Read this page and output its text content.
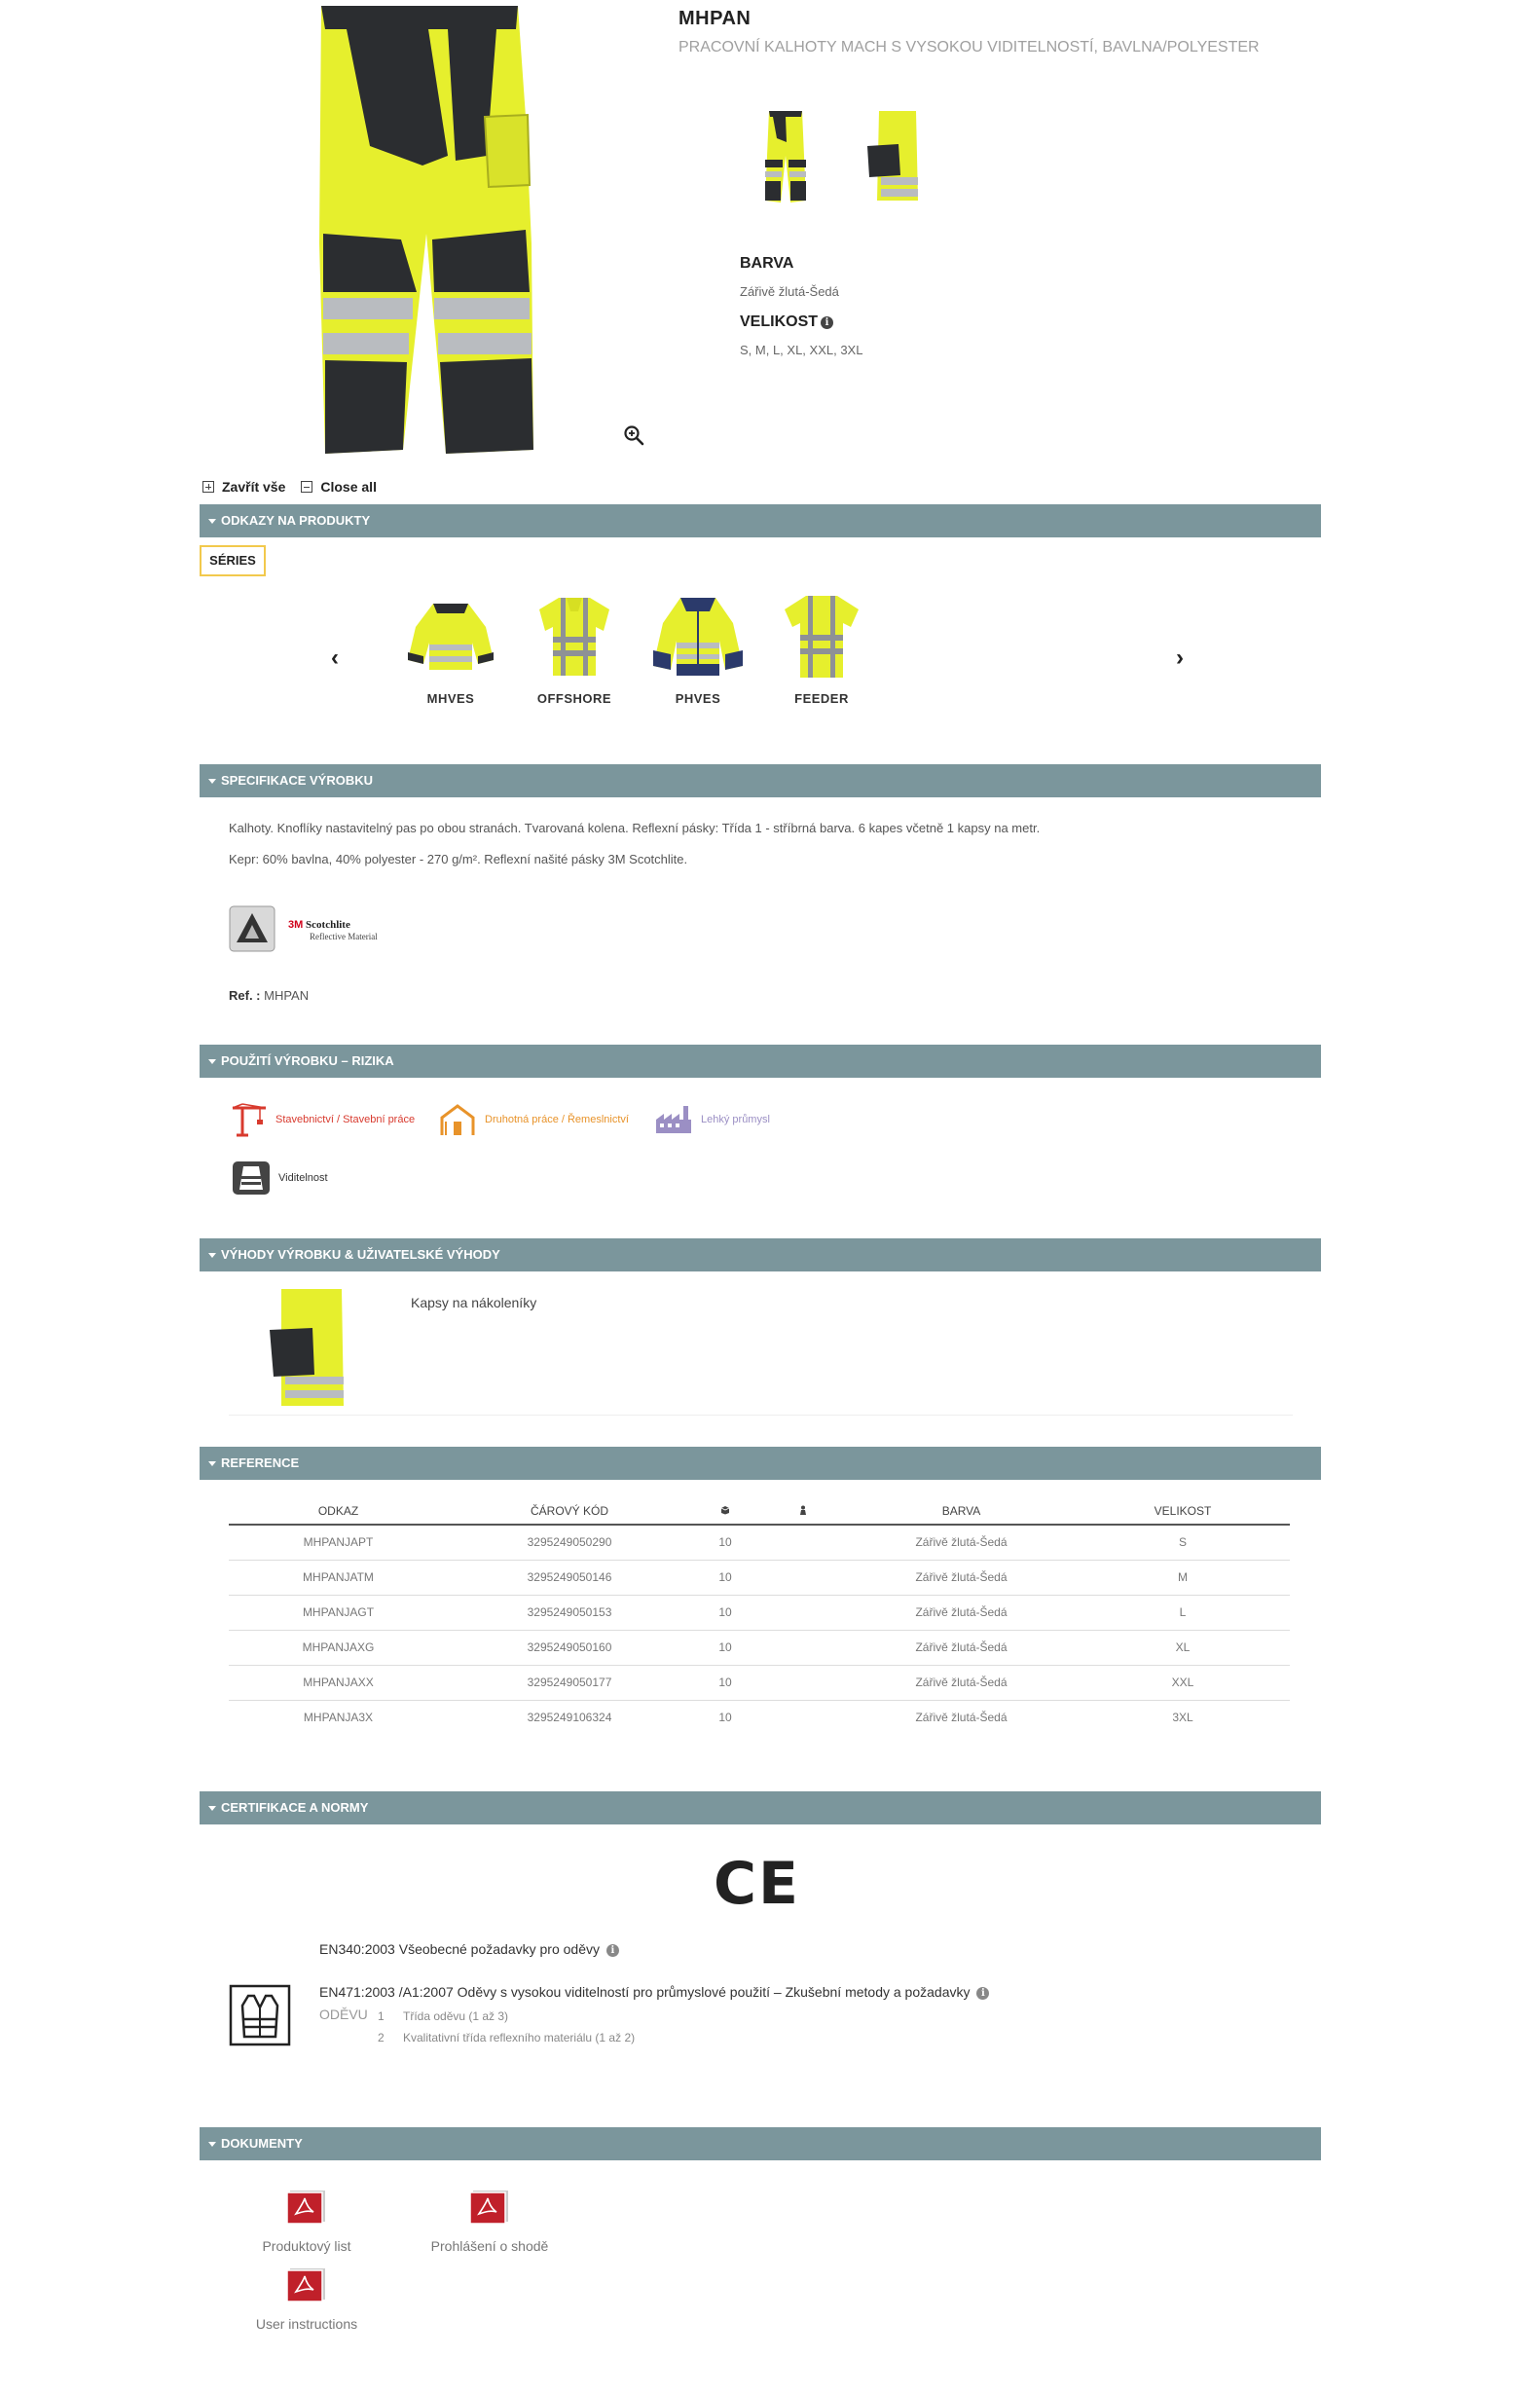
MHPAN
PRACOVNÍ KALHOTY MACH S VYSOKOU VIDITELNOSTÍ, BAVLNA/POLYESTER
BARVA
Zářivě žlutá-Šedá
VELIKOST i
S, M, L, XL, XXL, 3XL
Zavřít vše	Close all
ODKAZY NA PRODUKTY
SÉRIES
‹	›
MHVES	OFFSHORE	PHVES	FEEDER
SPECIFIKACE VÝROBKU
Kalhoty. Knoflíky nastavitelný pas po obou stranách. Tvarovaná kolena. Reflexní pásky: Třída 1 - stříbrná barva. 6 kapes včetně 1 kapsy na metr.
Kepr: 60% bavlna, 40% polyester - 270 g/m². Reflexní našité pásky 3M Scotchlite.
3M Scotchlite
Reflective Material
Ref. : MHPAN
POUŽITÍ VÝROBKU – RIZIKA
Stavebnictví / Stavební práce	Druhotná práce / Řemeslnictví	Lehký průmysl
Viditelnost
VÝHODY VÝROBKU & UŽIVATELSKÉ VÝHODY
Kapsy na nákoleníky
REFERENCE
ODKAZ	ČÁROVÝ KÓD			BARVA	VELIKOST
MHPANJAPT	3295249050290	10		Zářivě žlutá-Šedá	S
MHPANJATM	3295249050146	10		Zářivě žlutá-Šedá	M
MHPANJAGT	3295249050153	10		Zářivě žlutá-Šedá	L
MHPANJAXG	3295249050160	10		Zářivě žlutá-Šedá	XL
MHPANJAXX	3295249050177	10		Zářivě žlutá-Šedá	XXL
MHPANJA3X	3295249106324	10		Zářivě žlutá-Šedá	3XL
CERTIFIKACE A NORMY
CE
EN340:2003 Všeobecné požadavky pro oděvy i
EN471:2003 /A1:2007 Oděvy s vysokou viditelností pro průmyslové použití – Zkušební metody a požadavky i
ODĚVU 1 Třída oděvu (1 až 3)
2 Kvalitativní třída reflexního materiálu (1 až 2)
DOKUMENTY
Produktový list	Prohlášení o shodě
User instructions
